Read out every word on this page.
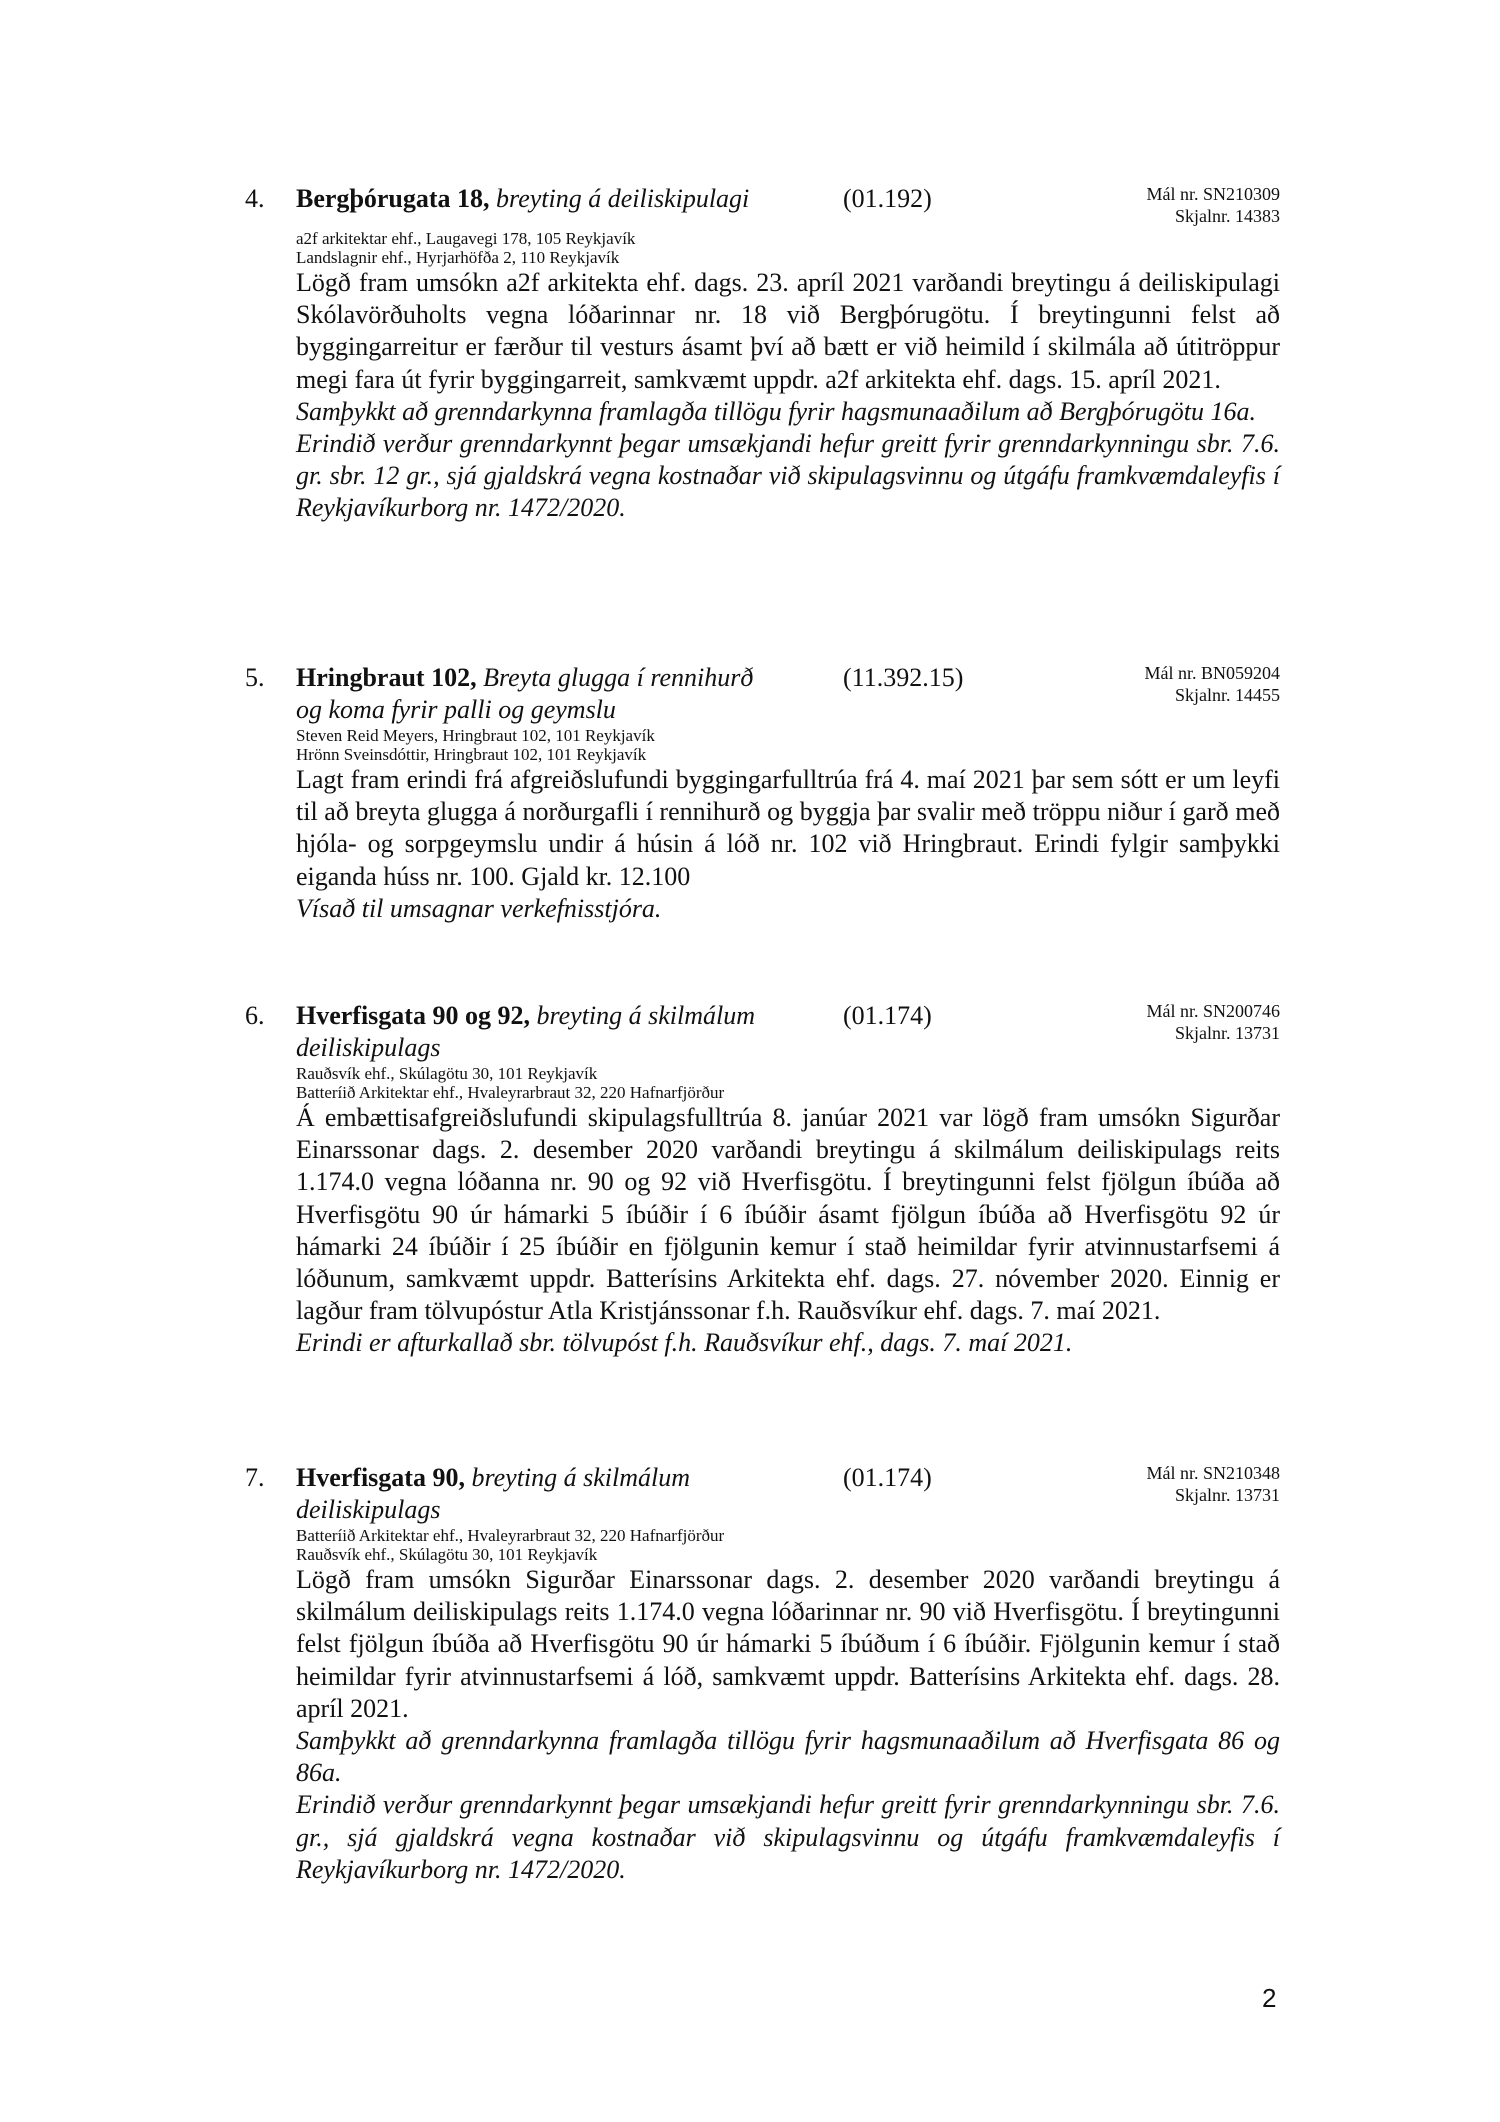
4. Bergþórugata 18, breyting á deiliskipulagi	(01.192)	Mál nr. SN210309
Skjalnr. 14383
a2f arkitektar ehf., Laugavegi 178, 105 Reykjavík
Landslagnir ehf., Hyrjarhöfða 2, 110 Reykjavík
Lögð fram umsókn a2f arkitekta ehf. dags. 23. apríl 2021 varðandi breytingu á deiliskipulagi Skólavörðuholts vegna lóðarinnar nr. 18 við Bergþórugötu. Í breytingunni felst að byggingarreitur er færður til vesturs ásamt því að bætt er við heimild í skilmála að útitröppur megi fara út fyrir byggingarreit, samkvæmt uppdr. a2f arkitekta ehf. dags. 15. apríl 2021.
Samþykkt að grenndarkynna framlagða tillögu fyrir hagsmunaaðilum að Bergþórugötu 16a.
Erindið verður grenndarkynnt þegar umsækjandi hefur greitt fyrir grenndarkynningu sbr. 7.6. gr. sbr. 12 gr., sjá gjaldskrá vegna kostnaðar við skipulagsvinnu og útgáfu framkvæmdaleyfis í Reykjavíkurborg nr. 1472/2020.
5. Hringbraut 102, Breyta glugga í rennihurð
og koma fyrir palli og geymslu
(11.392.15)	Mál nr. BN059204
Skjalnr. 14455
Steven Reid Meyers, Hringbraut 102, 101 Reykjavík
Hrönn Sveinsdóttir, Hringbraut 102, 101 Reykjavík
Lagt fram erindi frá afgreiðslufundi byggingarfulltrúa frá 4. maí 2021 þar sem sótt er um leyfi til að breyta glugga á norðurgafli í rennihurð og byggja þar svalir með tröppu niður í garð með hjóla- og sorpgeymslu undir á húsin á lóð nr. 102 við Hringbraut. Erindi fylgir samþykki eiganda húss nr. 100. Gjald kr. 12.100
Vísað til umsagnar verkefnisstjóra.
6. Hverfisgata 90 og 92, breyting á skilmálum
deiliskipulags
(01.174)	Mál nr. SN200746
Skjalnr. 13731
Rauðsvík ehf., Skúlagötu 30, 101 Reykjavík
Batteríið Arkitektar ehf., Hvaleyrarbraut 32, 220 Hafnarfjörður
Á embættisafgreiðslufundi skipulagsfulltrúa 8. janúar 2021 var lögð fram umsókn Sigurðar Einarssonar dags. 2. desember 2020 varðandi breytingu á skilmálum deiliskipulags reits 1.174.0 vegna lóðanna nr. 90 og 92 við Hverfisgötu. Í breytingunni felst fjölgun íbúða að Hverfisgötu 90 úr hámarki 5 íbúðir í 6 íbúðir ásamt fjölgun íbúða að Hverfisgötu 92 úr hámarki 24 íbúðir í 25 íbúðir en fjölgunin kemur í stað heimildar fyrir atvinnustarfsemi á lóðunum, samkvæmt uppdr. Batterísins Arkitekta ehf. dags. 27. nóvember 2020. Einnig er lagður fram tölvupóstur Atla Kristjánssonar f.h. Rauðsvíkur ehf. dags. 7. maí 2021.
Erindi er afturkallað sbr. tölvupóst f.h. Rauðsvíkur ehf., dags. 7. maí 2021.
7. Hverfisgata 90, breyting á skilmálum
deiliskipulags
(01.174)	Mál nr. SN210348
Skjalnr. 13731
Batteríið Arkitektar ehf., Hvaleyrarbraut 32, 220 Hafnarfjörður
Rauðsvík ehf., Skúlagötu 30, 101 Reykjavík
Lögð fram umsókn Sigurðar Einarssonar dags. 2. desember 2020 varðandi breytingu á skilmálum deiliskipulags reits 1.174.0 vegna lóðarinnar nr. 90 við Hverfisgötu. Í breytingunni felst fjölgun íbúða að Hverfisgötu 90 úr hámarki 5 íbúðum í 6 íbúðir. Fjölgunin kemur í stað heimildar fyrir atvinnustarfsemi á lóð, samkvæmt uppdr. Batterísins Arkitekta ehf. dags. 28. apríl 2021.
Samþykkt að grenndarkynna framlagða tillögu fyrir hagsmunaaðilum að Hverfisgata 86 og 86a.
Erindið verður grenndarkynnt þegar umsækjandi hefur greitt fyrir grenndarkynningu sbr. 7.6. gr., sjá gjaldskrá vegna kostnaðar við skipulagsvinnu og útgáfu framkvæmdaleyfis í Reykjavíkurborg nr. 1472/2020.
2
